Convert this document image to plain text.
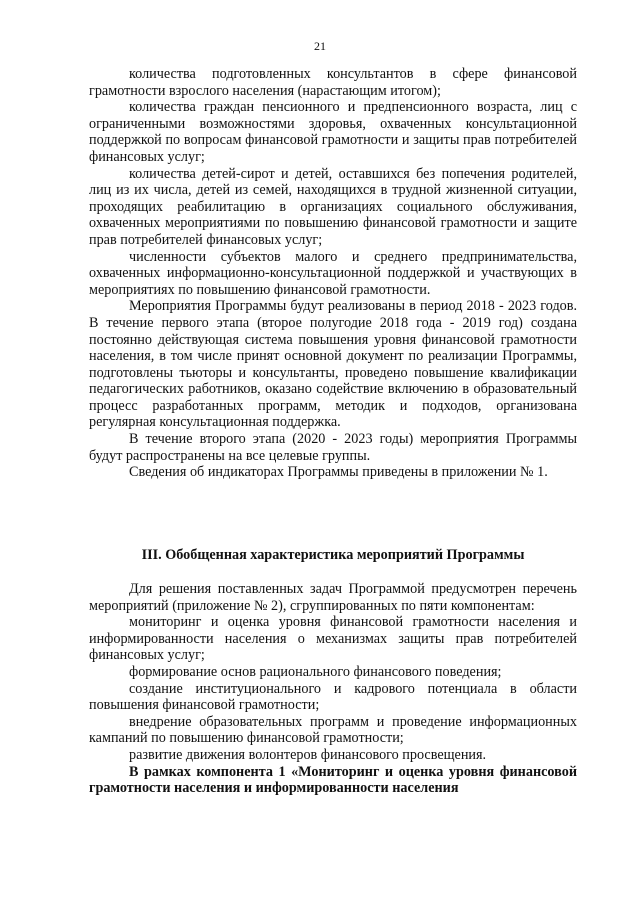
21

количества подготовленных консультантов в сфере финансовой грамотности взрослого населения (нарастающим итогом);

количества граждан пенсионного и предпенсионного возраста, лиц с ограниченными возможностями здоровья, охваченных консультационной поддержкой по вопросам финансовой грамотности и защиты прав потребителей финансовых услуг;

количества детей-сирот и детей, оставшихся без попечения родителей, лиц из их числа, детей из семей, находящихся в трудной жизненной ситуации, проходящих реабилитацию в организациях социального обслуживания, охваченных мероприятиями по повышению финансовой грамотности и защите прав потребителей финансовых услуг;

численности субъектов малого и среднего предпринимательства, охваченных информационно-консультационной поддержкой и участвующих в мероприятиях по повышению финансовой грамотности.

Мероприятия Программы будут реализованы в период 2018 - 2023 годов. В течение первого этапа (второе полугодие 2018 года - 2019 год) создана постоянно действующая система повышения уровня финансовой грамотности населения, в том числе принят основной документ по реализации Программы, подготовлены тьюторы и консультанты, проведено повышение квалификации педагогических работников, оказано содействие включению в образовательный процесс разработанных программ, методик и подходов, организована регулярная консультационная поддержка.

В течение второго этапа (2020 - 2023 годы) мероприятия Программы будут распространены на все целевые группы.

Сведения об индикаторах Программы приведены в приложении № 1.

III. Обобщенная характеристика мероприятий Программы

Для решения поставленных задач Программой предусмотрен перечень мероприятий (приложение № 2), сгруппированных по пяти компонентам:

мониторинг и оценка уровня финансовой грамотности населения и информированности населения о механизмах защиты прав потребителей финансовых услуг;

формирование основ рационального финансового поведения;

создание институционального и кадрового потенциала в области повышения финансовой грамотности;

внедрение образовательных программ и проведение информационных кампаний по повышению финансовой грамотности;

развитие движения волонтеров финансового просвещения.

В рамках компонента 1 «Мониторинг и оценка уровня финансовой грамотности населения и информированности населения
